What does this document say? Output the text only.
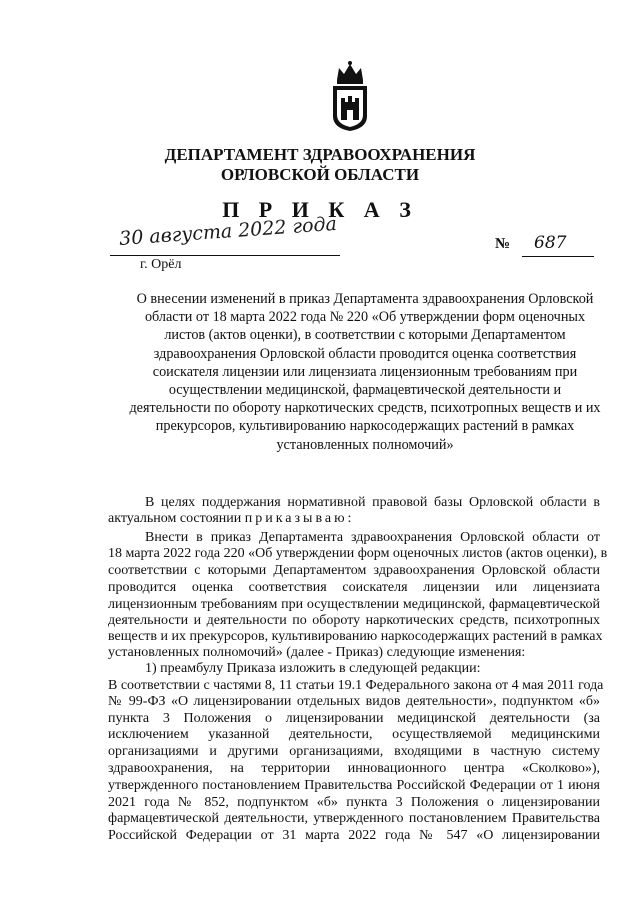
ДЕПАРТАМЕНТ ЗДРАВООХРАНЕНИЯ
ОРЛОВСКОЙ ОБЛАСТИ
П Р И К А З
30 августа 2022 года
г. Орёл
№ 687
О внесении изменений в приказ Департамента здравоохранения Орловской
области от 18 марта 2022 года № 220 «Об утверждении форм оценочных
листов (актов оценки), в соответствии с которыми Департаментом
здравоохранения Орловской области проводится оценка соответствия
соискателя лицензии или лицензиата лицензионным требованиям при
осуществлении медицинской, фармацевтической деятельности и
деятельности по обороту наркотических средств, психотропных веществ и их
прекурсоров, культивированию наркосодержащих растений в рамках
установленных полномочий»
В целях поддержания нормативной правовой базы Орловской области в
актуальном состоянии приказываю:
Внести в приказ Департамента здравоохранения Орловской области от
18 марта 2022 года 220 «Об утверждении форм оценочных листов (актов оценки), в
соответствии с которыми Департаментом здравоохранения Орловской области
проводится оценка соответствия соискателя лицензии или лицензиата
лицензионным требованиям при осуществлении медицинской, фармацевтической
деятельности и деятельности по обороту наркотических средств, психотропных
веществ и их прекурсоров, культивированию наркосодержащих растений в рамках
установленных полномочий» (далее - Приказ) следующие изменения:
1) преамбулу Приказа изложить в следующей редакции:
В соответствии с частями 8, 11 статьи 19.1 Федерального закона от 4 мая 2011 года
№ 99-ФЗ «О лицензировании отдельных видов деятельности», подпунктом «б»
пункта 3 Положения о лицензировании медицинской деятельности (за
исключением указанной деятельности, осуществляемой медицинскими
организациями и другими организациями, входящими в частную систему
здравоохранения, на территории инновационного центра «Сколково»),
утвержденного постановлением Правительства Российской Федерации от 1 июня
2021 года № 852, подпунктом «б» пункта 3 Положения о лицензировании
фармацевтической деятельности, утвержденного постановлением Правительства
Российской Федерации от 31 марта 2022 года № 547 «О лицензировании
